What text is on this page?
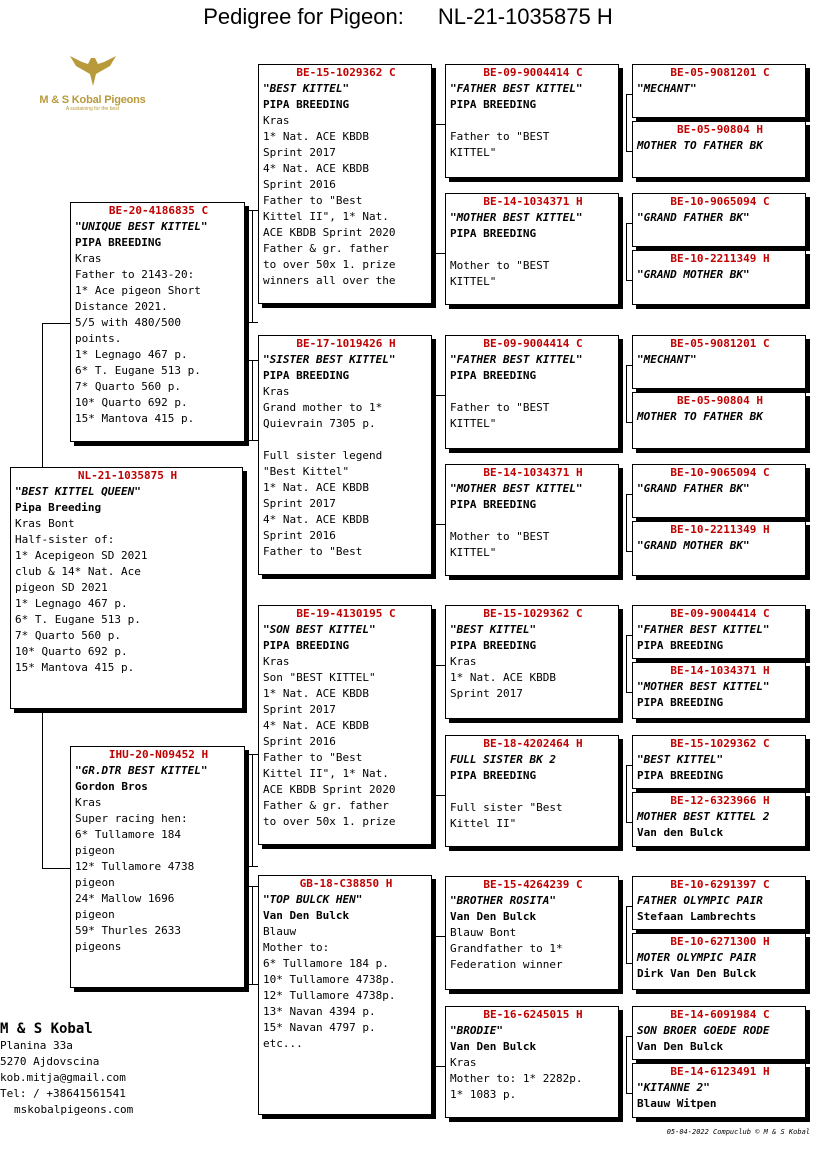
Pedigree for Pigeon: NL-21-1035875 H
M & S Kobal Pigeons
A sustaining for the best
NL-21-1035875 H
"BEST KITTEL QUEEN"
Pipa Breeding
Kras Bont
Half-sister of:
1* Acepigeon SD 2021
club & 14* Nat. Ace
pigeon SD 2021
1* Legnago 467 p.
6* T. Eugane 513 p.
7* Quarto 560 p.
10* Quarto 692 p.
15* Mantova 415 p.
BE-20-4186835 C
"UNIQUE BEST KITTEL"
PIPA BREEDING
Kras
Father to 2143-20:
1* Ace pigeon Short
Distance 2021.
5/5 with 480/500
points.
1* Legnago 467 p.
6* T. Eugane 513 p.
7* Quarto 560 p.
10* Quarto 692 p.
15* Mantova 415 p.
IHU-20-N09452 H
"GR.DTR BEST KITTEL"
Gordon Bros
Kras
Super racing hen:
6* Tullamore 184
pigeon
12* Tullamore 4738
pigeon
24* Mallow 1696
pigeon
59* Thurles 2633
pigeons
BE-15-1029362 C
"BEST KITTEL"
PIPA BREEDING
Kras
1* Nat. ACE KBDB
Sprint 2017
4* Nat. ACE KBDB
Sprint 2016
Father to "Best
Kittel II", 1* Nat.
ACE KBDB Sprint 2020
Father & gr. father
to over 50x 1. prize
winners all over the
BE-17-1019426 H
"SISTER BEST KITTEL"
PIPA BREEDING
Kras
Grand mother to 1*
Quievrain 7305 p.
Full sister legend
"Best Kittel"
1* Nat. ACE KBDB
Sprint 2017
4* Nat. ACE KBDB
Sprint 2016
Father to "Best
BE-19-4130195 C
"SON BEST KITTEL"
PIPA BREEDING
Kras
Son "BEST KITTEL"
1* Nat. ACE KBDB
Sprint 2017
4* Nat. ACE KBDB
Sprint 2016
Father to "Best
Kittel II", 1* Nat.
ACE KBDB Sprint 2020
Father & gr. father
to over 50x 1. prize
GB-18-C38850 H
"TOP BULCK HEN"
Van Den Bulck
Blauw
Mother to:
6* Tullamore 184 p.
10* Tullamore 4738p.
12* Tullamore 4738p.
13* Navan 4394 p.
15* Navan 4797 p.
etc...
BE-09-9004414 C
"FATHER BEST KITTEL"
PIPA BREEDING
Father to "BEST
KITTEL"
BE-14-1034371 H
"MOTHER BEST KITTEL"
PIPA BREEDING
Mother to "BEST
KITTEL"
BE-09-9004414 C
"FATHER BEST KITTEL"
PIPA BREEDING
Father to "BEST
KITTEL"
BE-14-1034371 H
"MOTHER BEST KITTEL"
PIPA BREEDING
Mother to "BEST
KITTEL"
BE-15-1029362 C
"BEST KITTEL"
PIPA BREEDING
Kras
1* Nat. ACE KBDB
Sprint 2017
BE-18-4202464 H
FULL SISTER BK 2
PIPA BREEDING
Full sister "Best
Kittel II"
BE-15-4264239 C
"BROTHER ROSITA"
Van Den Bulck
Blauw Bont
Grandfather to 1*
Federation winner
BE-16-6245015 H
"BRODIE"
Van Den Bulck
Kras
Mother to: 1* 2282p.
1* 1083 p.
BE-05-9081201 C
"MECHANT"
BE-05-90804 H
MOTHER TO FATHER BK
BE-10-9065094 C
"GRAND FATHER BK"
BE-10-2211349 H
"GRAND MOTHER BK"
BE-05-9081201 C
"MECHANT"
BE-05-90804 H
MOTHER TO FATHER BK
BE-10-9065094 C
"GRAND FATHER BK"
BE-10-2211349 H
"GRAND MOTHER BK"
BE-09-9004414 C
"FATHER BEST KITTEL"
PIPA BREEDING
BE-14-1034371 H
"MOTHER BEST KITTEL"
PIPA BREEDING
BE-15-1029362 C
"BEST KITTEL"
PIPA BREEDING
BE-12-6323966 H
MOTHER BEST KITTEL 2
Van den Bulck
BE-10-6291397 C
FATHER OLYMPIC PAIR
Stefaan Lambrechts
BE-10-6271300 H
MOTER OLYMPIC PAIR
Dirk Van Den Bulck
BE-14-6091984 C
SON BROER GOEDE RODE
Van Den Bulck
BE-14-6123491 H
"KITANNE 2"
Blauw Witpen
M & S Kobal
Planina 33a
5270 Ajdovscina
kob.mitja@gmail.com
Tel: / +38641561541
mskobalpigeons.com
05-04-2022 Compuclub © M & S Kobal
